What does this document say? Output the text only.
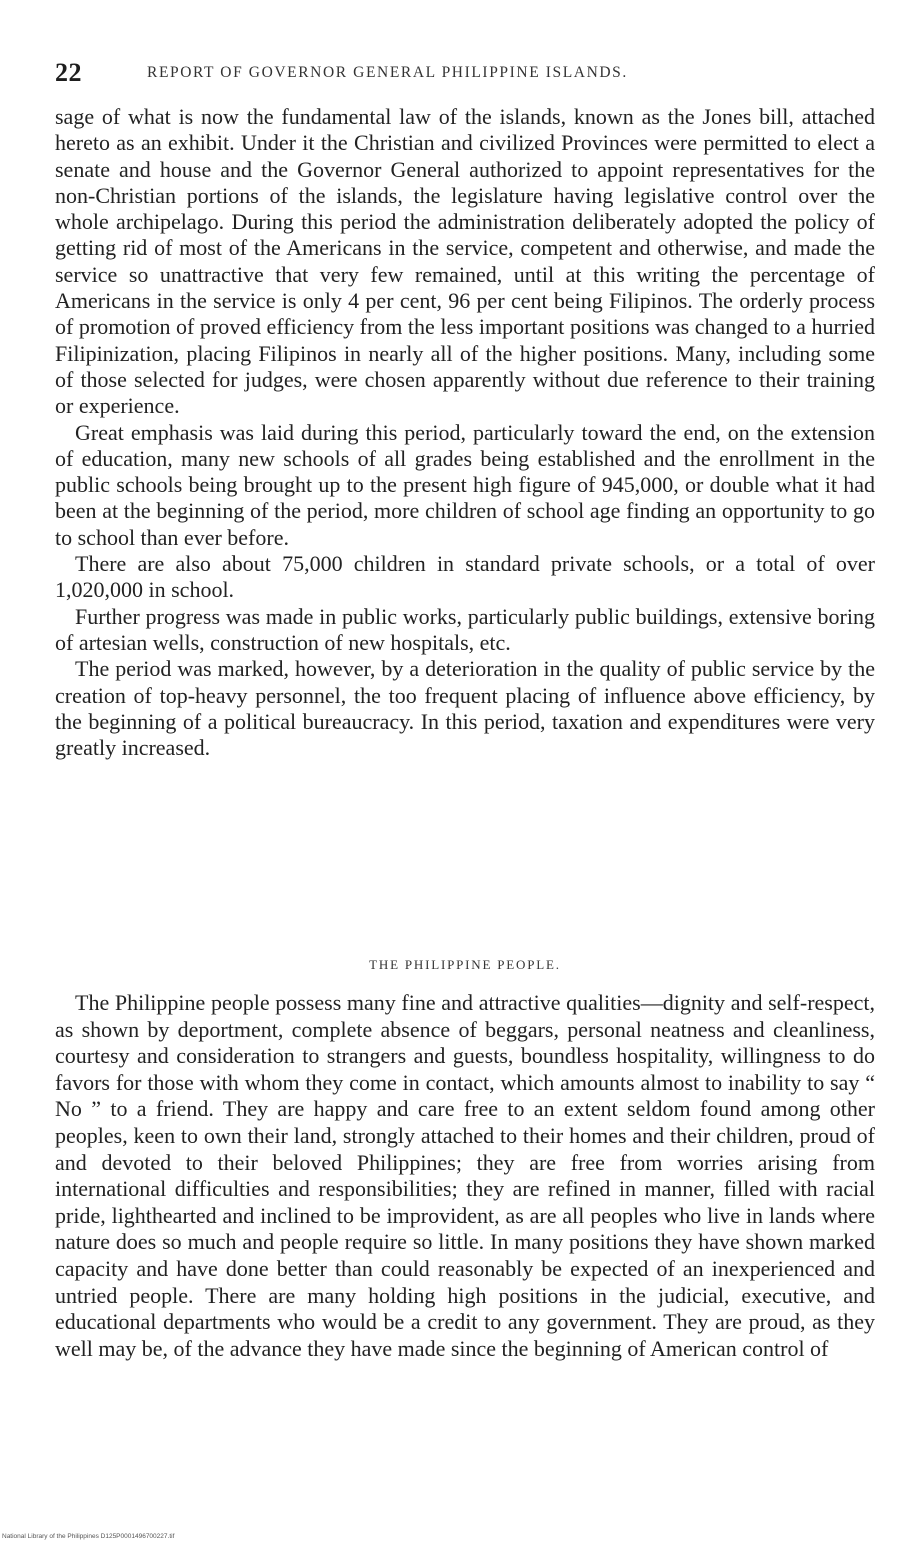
22	REPORT OF GOVERNOR GENERAL PHILIPPINE ISLANDS.

sage of what is now the fundamental law of the islands, known as the Jones bill, attached hereto as an exhibit. Under it the Christian and civilized Provinces were permitted to elect a senate and house and the Governor General authorized to appoint representatives for the non-Christian portions of the islands, the legislature having legislative control over the whole archipelago. During this period the administration deliberately adopted the policy of getting rid of most of the Americans in the service, competent and otherwise, and made the service so unattractive that very few remained, until at this writing the percentage of Americans in the service is only 4 per cent, 96 per cent being Filipinos. The orderly process of promotion of proved efficiency from the less important positions was changed to a hurried Filipinization, placing Filipinos in nearly all of the higher positions. Many, including some of those selected for judges, were chosen apparently without due reference to their training or experience.

Great emphasis was laid during this period, particularly toward the end, on the extension of education, many new schools of all grades being established and the enrollment in the public schools being brought up to the present high figure of 945,000, or double what it had been at the beginning of the period, more children of school age finding an opportunity to go to school than ever before.

There are also about 75,000 children in standard private schools, or a total of over 1,020,000 in school.

Further progress was made in public works, particularly public buildings, extensive boring of artesian wells, construction of new hospitals, etc.

The period was marked, however, by a deterioration in the quality of public service by the creation of top-heavy personnel, the too frequent placing of influence above efficiency, by the beginning of a political bureaucracy. In this period, taxation and expenditures were very greatly increased.

THE PHILIPPINE PEOPLE.

The Philippine people possess many fine and attractive qualities—dignity and self-respect, as shown by deportment, complete absence of beggars, personal neatness and cleanliness, courtesy and consideration to strangers and guests, boundless hospitality, willingness to do favors for those with whom they come in contact, which amounts almost to inability to say “ No ” to a friend. They are happy and care free to an extent seldom found among other peoples, keen to own their land, strongly attached to their homes and their children, proud of and devoted to their beloved Philippines; they are free from worries arising from international difficulties and responsibilities; they are refined in manner, filled with racial pride, lighthearted and inclined to be improvident, as are all peoples who live in lands where nature does so much and people require so little. In many positions they have shown marked capacity and have done better than could reasonably be expected of an inexperienced and untried people. There are many holding high positions in the judicial, executive, and educational departments who would be a credit to any government. They are proud, as they well may be, of the advance they have made since the beginning of American control of

National Library of the Philippines D125P0001496700227.tif
